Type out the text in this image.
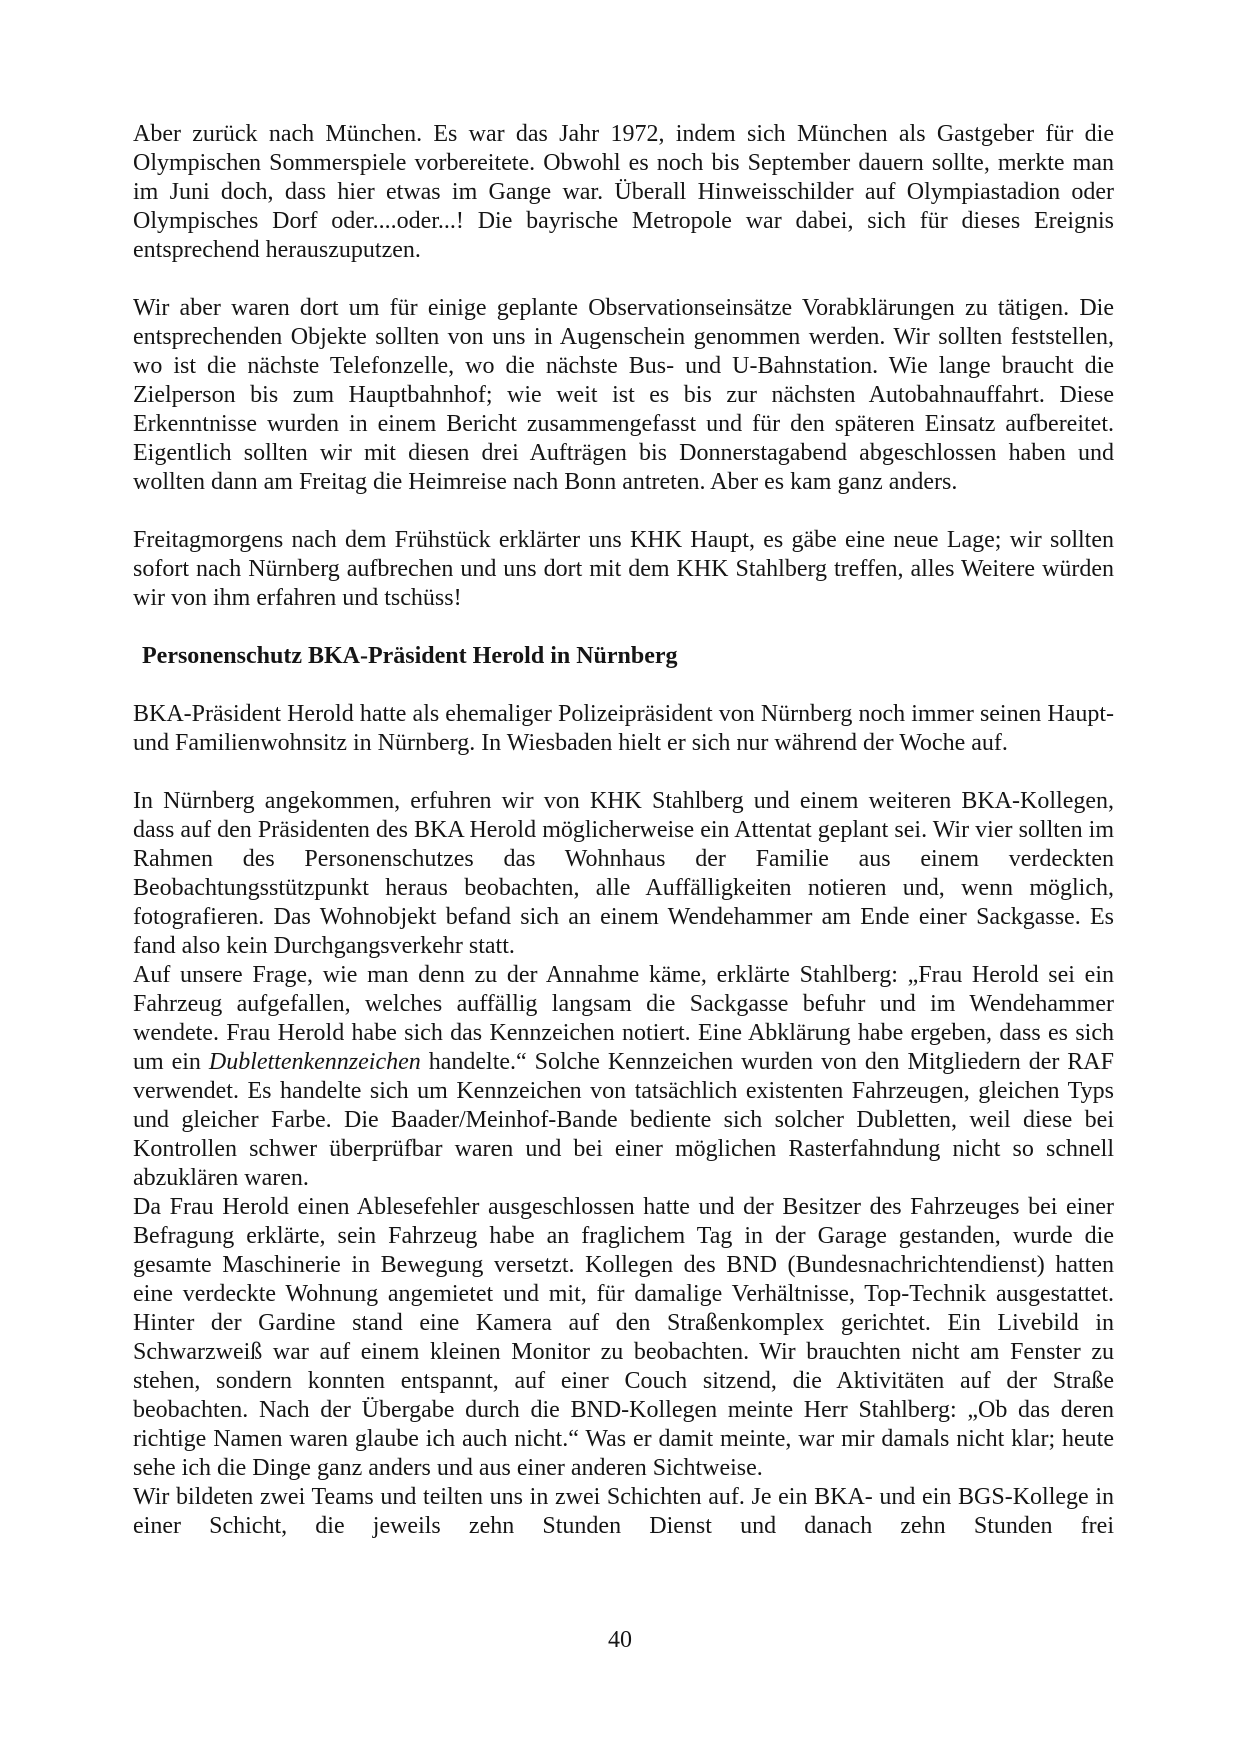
Aber zurück nach München. Es war das Jahr 1972, indem sich München als Gastgeber für die Olympischen Sommerspiele vorbereitete. Obwohl es noch bis September dauern sollte, merkte man im Juni doch, dass hier etwas im Gange war. Überall Hinweisschilder auf Olympiastadion oder Olympisches Dorf oder....oder...! Die bayrische Metropole war dabei, sich für dieses Ereignis entsprechend herauszuputzen.

Wir aber waren dort um für einige geplante Observationseinsätze Vorabklärungen zu tätigen. Die entsprechenden Objekte sollten von uns in Augenschein genommen werden. Wir sollten feststellen, wo ist die nächste Telefonzelle, wo die nächste Bus- und U-Bahnstation. Wie lange braucht die Zielperson bis zum Hauptbahnhof; wie weit ist es bis zur nächsten Autobahnauffahrt. Diese Erkenntnisse wurden in einem Bericht zusammengefasst und für den späteren Einsatz aufbereitet. Eigentlich sollten wir mit diesen drei Aufträgen bis Donnerstagabend abgeschlossen haben und wollten dann am Freitag die Heimreise nach Bonn antreten. Aber es kam ganz anders.

Freitagmorgens nach dem Frühstück erklärter uns KHK Haupt, es gäbe eine neue Lage; wir sollten sofort nach Nürnberg aufbrechen und uns dort mit dem KHK Stahlberg treffen, alles Weitere würden wir von ihm erfahren und tschüss!

Personenschutz BKA-Präsident Herold in Nürnberg

BKA-Präsident Herold hatte als ehemaliger Polizeipräsident von Nürnberg noch immer seinen Haupt- und Familienwohnsitz in Nürnberg. In Wiesbaden hielt er sich nur während der Woche auf.

In Nürnberg angekommen, erfuhren wir von KHK Stahlberg und einem weiteren BKA-Kollegen, dass auf den Präsidenten des BKA Herold möglicherweise ein Attentat geplant sei. Wir vier sollten im Rahmen des Personenschutzes das Wohnhaus der Familie aus einem verdeckten Beobachtungsstützpunkt heraus beobachten, alle Auffälligkeiten notieren und, wenn möglich, fotografieren. Das Wohnobjekt befand sich an einem Wendehammer am Ende einer Sackgasse. Es fand also kein Durchgangsverkehr statt.

Auf unsere Frage, wie man denn zu der Annahme käme, erklärte Stahlberg: „Frau Herold sei ein Fahrzeug aufgefallen, welches auffällig langsam die Sackgasse befuhr und im Wendehammer wendete. Frau Herold habe sich das Kennzeichen notiert. Eine Abklärung habe ergeben, dass es sich um ein Dublettenkennzeichen handelte.“ Solche Kennzeichen wurden von den Mitgliedern der RAF verwendet. Es handelte sich um Kennzeichen von tatsächlich existenten Fahrzeugen, gleichen Typs und gleicher Farbe. Die Baader/Meinhof-Bande bediente sich solcher Dubletten, weil diese bei Kontrollen schwer überprüfbar waren und bei einer möglichen Rasterfahndung nicht so schnell abzuklären waren.

Da Frau Herold einen Ablesefehler ausgeschlossen hatte und der Besitzer des Fahrzeuges bei einer Befragung erklärte, sein Fahrzeug habe an fraglichem Tag in der Garage gestanden, wurde die gesamte Maschinerie in Bewegung versetzt. Kollegen des BND (Bundesnachrichtendienst) hatten eine verdeckte Wohnung angemietet und mit, für damalige Verhältnisse, Top-Technik ausgestattet. Hinter der Gardine stand eine Kamera auf den Straßenkomplex gerichtet. Ein Livebild in Schwarzweiß war auf einem kleinen Monitor zu beobachten. Wir brauchten nicht am Fenster zu stehen, sondern konnten entspannt, auf einer Couch sitzend, die Aktivitäten auf der Straße beobachten. Nach der Übergabe durch die BND-Kollegen meinte Herr Stahlberg: „Ob das deren richtige Namen waren glaube ich auch nicht.“ Was er damit meinte, war mir damals nicht klar; heute sehe ich die Dinge ganz anders und aus einer anderen Sichtweise.

Wir bildeten zwei Teams und teilten uns in zwei Schichten auf. Je ein BKA- und ein BGS-Kollege in einer Schicht, die jeweils zehn Stunden Dienst und danach zehn Stunden frei

40
